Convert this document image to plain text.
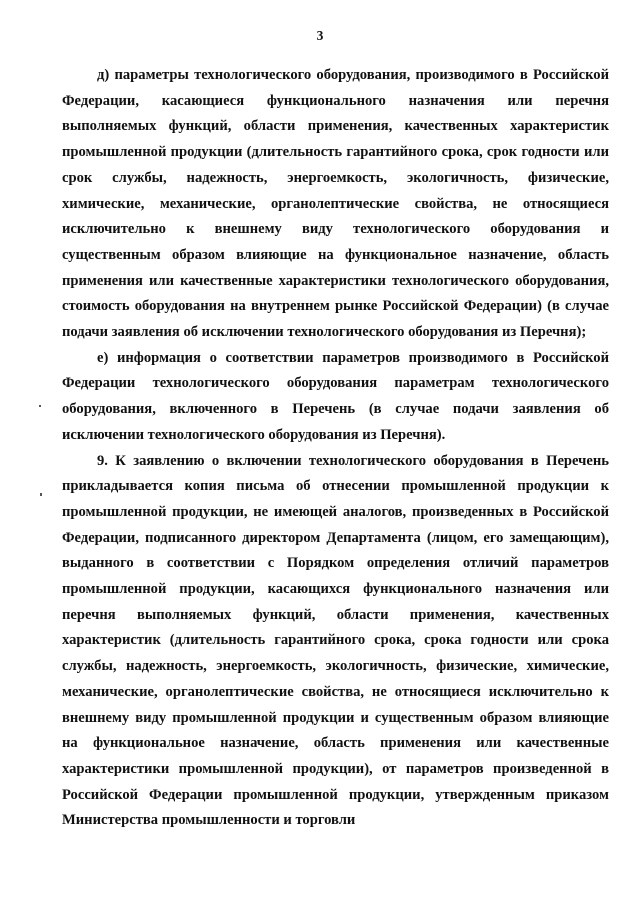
3

д) параметры технологического оборудования, производимого в Российской Федерации, касающиеся функционального назначения или перечня выполняемых функций, области применения, качественных характеристик промышленной продукции (длительность гарантийного срока, срок годности или срок службы, надежность, энергоемкость, экологичность, физические, химические, механические, органолептические свойства, не относящиеся исключительно к внешнему виду технологического оборудования и существенным образом влияющие на функциональное назначение, область применения или качественные характеристики технологического оборудования, стоимость оборудования на внутреннем рынке Российской Федерации) (в случае подачи заявления об исключении технологического оборудования из Перечня);

е) информация о соответствии параметров производимого в Российской Федерации технологического оборудования параметрам технологического оборудования, включенного в Перечень (в случае подачи заявления об исключении технологического оборудования из Перечня).

9. К заявлению о включении технологического оборудования в Перечень прикладывается копия письма об отнесении промышленной продукции к промышленной продукции, не имеющей аналогов, произведенных в Российской Федерации, подписанного директором Департамента (лицом, его замещающим), выданного в соответствии с Порядком определения отличий параметров промышленной продукции, касающихся функционального назначения или перечня выполняемых функций, области применения, качественных характеристик (длительность гарантийного срока, срока годности или срока службы, надежность, энергоемкость, экологичность, физические, химические, механические, органолептические свойства, не относящиеся исключительно к внешнему виду промышленной продукции и существенным образом влияющие на функциональное назначение, область применения или качественные характеристики промышленной продукции), от параметров произведенной в Российской Федерации промышленной продукции, утвержденным приказом Министерства промышленности и торговли
